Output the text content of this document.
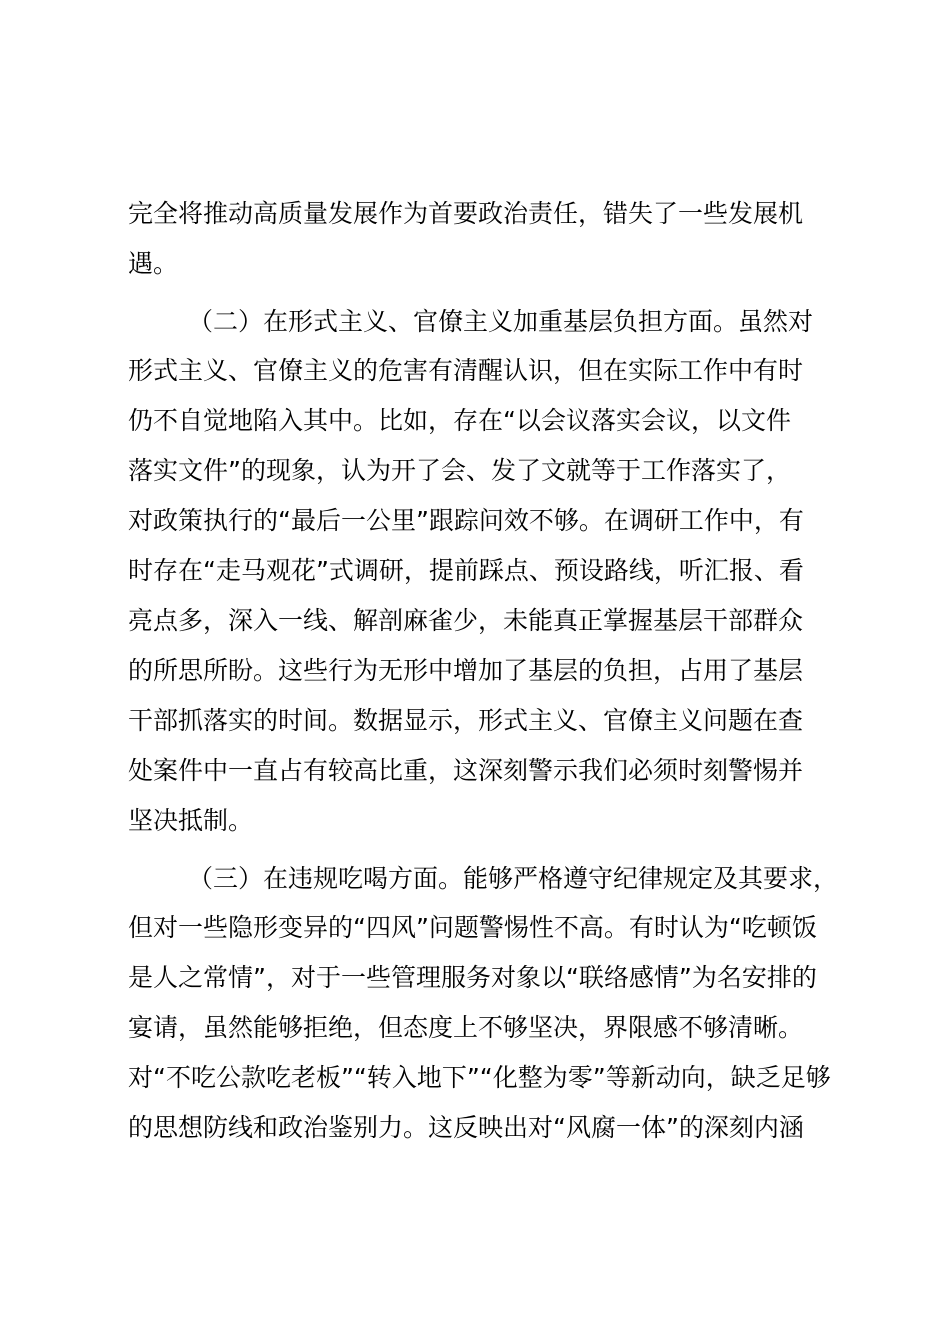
完全将推动高质量发展作为首要政治责任，错失了一些发展机
遇。
（二）在形式主义、官僚主义加重基层负担方面。虽然对
形式主义、官僚主义的危害有清醒认识，但在实际工作中有时
仍不自觉地陷入其中。比如，存在“以会议落实会议，以文件
落实文件”的现象，认为开了会、发了文就等于工作落实了，
对政策执行的“最后一公里”跟踪问效不够。在调研工作中，有
时存在“走马观花”式调研，提前踩点、预设路线，听汇报、看
亮点多，深入一线、解剖麻雀少，未能真正掌握基层干部群众
的所思所盼。这些行为无形中增加了基层的负担，占用了基层
干部抓落实的时间。数据显示，形式主义、官僚主义问题在查
处案件中一直占有较高比重，这深刻警示我们必须时刻警惕并
坚决抵制。
（三）在违规吃喝方面。能够严格遵守纪律规定及其要求，
但对一些隐形变异的“四风”问题警惕性不高。有时认为“吃顿饭
是人之常情”，对于一些管理服务对象以“联络感情”为名安排的
宴请，虽然能够拒绝，但态度上不够坚决，界限感不够清晰。
对“不吃公款吃老板”“转入地下”“化整为零”等新动向，缺乏足够
的思想防线和政治鉴别力。这反映出对“风腐一体”的深刻内涵
